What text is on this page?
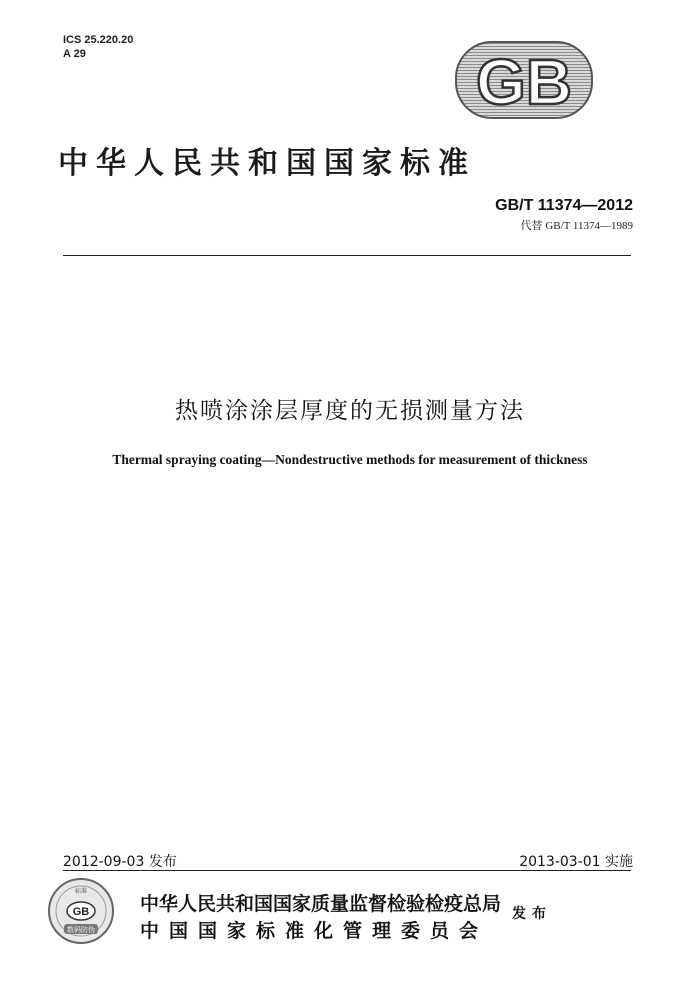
ICS 25.220.20
A 29	GB
中华人民共和国国家标准
GB/T 11374—2012
代替 GB/T 11374—1989
热喷涂涂层厚度的无损测量方法
Thermal spraying coating—Nondestructive methods for measurement of thickness
2012-09-03 发布	2013-03-01 实施
标准
GB
数码防伪
中华人民共和国国家质量监督检验检疫总局
中国国家标准化管理委员会
发布
